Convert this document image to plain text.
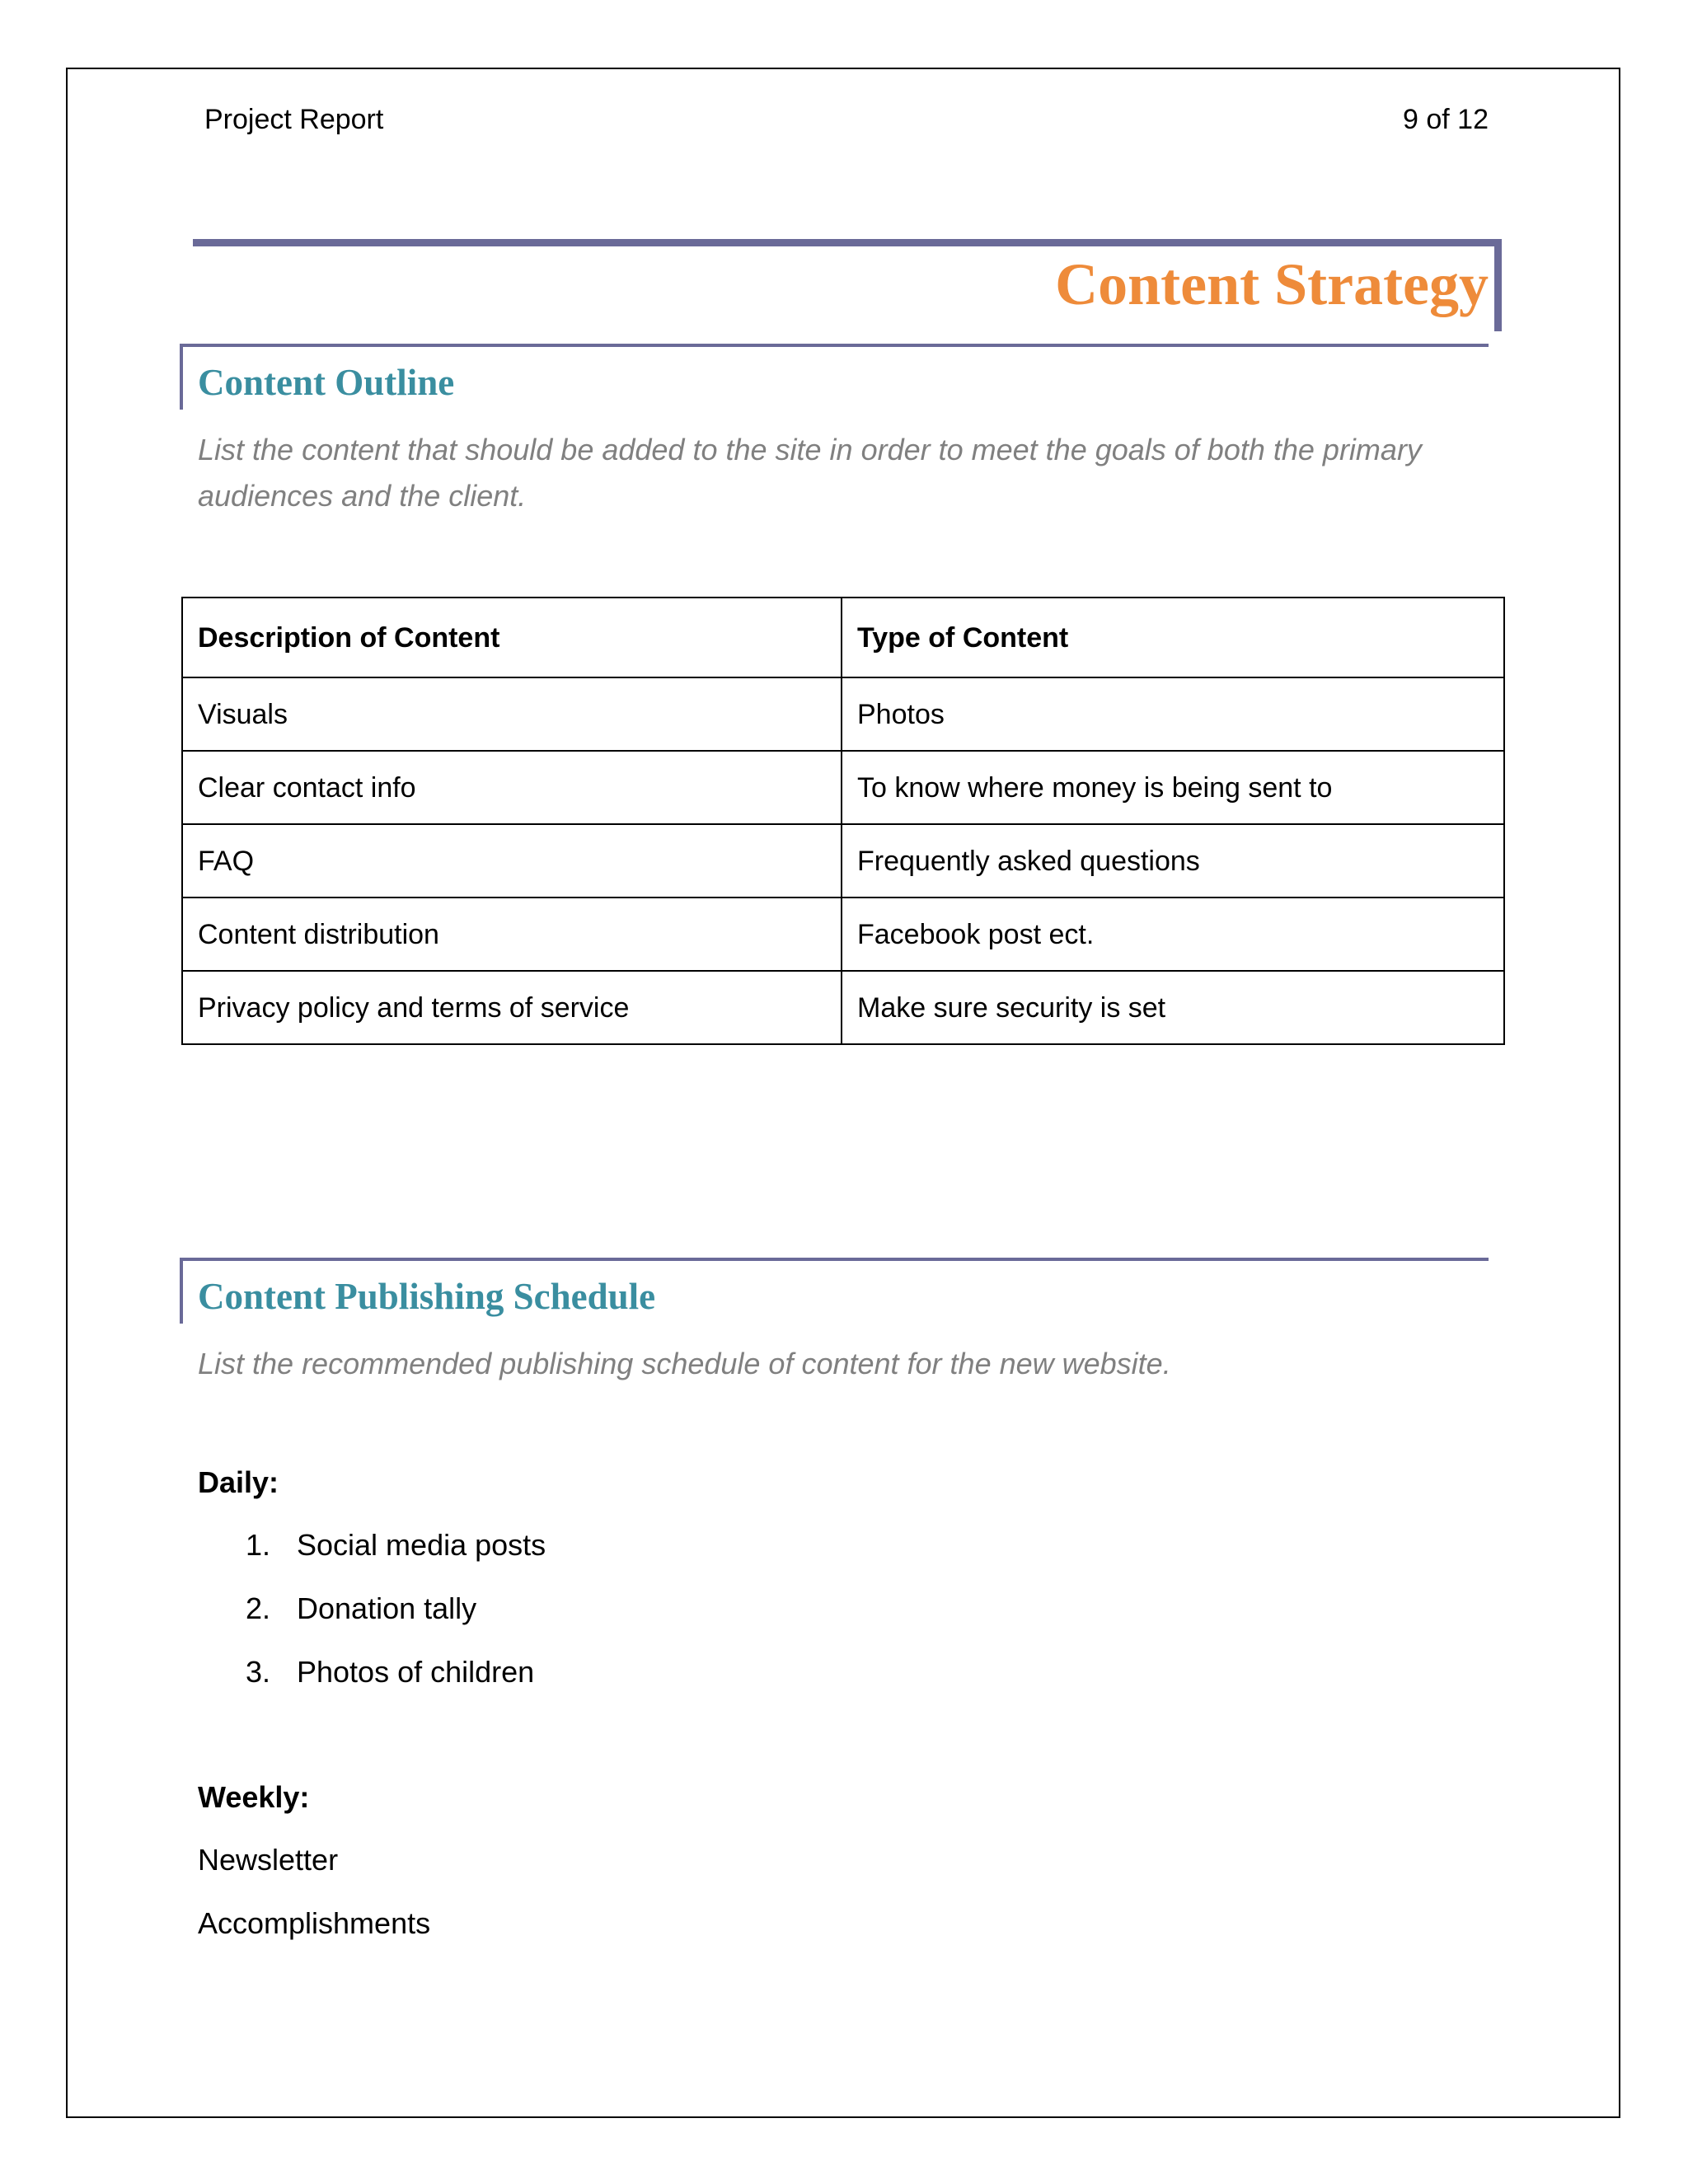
Project Report	9 of 12
Content Strategy
Content Outline
List the content that should be added to the site in order to meet the goals of both the primary audiences and the client.
Description of Content	Type of Content
Visuals	Photos
Clear contact info	To know where money is being sent to
FAQ	Frequently asked questions
Content distribution	Facebook post ect.
Privacy policy and terms of service	Make sure security is set
Content Publishing Schedule
List the recommended publishing schedule of content for the new website.
Daily:
1. Social media posts
2. Donation tally
3. Photos of children
Weekly:
Newsletter
Accomplishments
